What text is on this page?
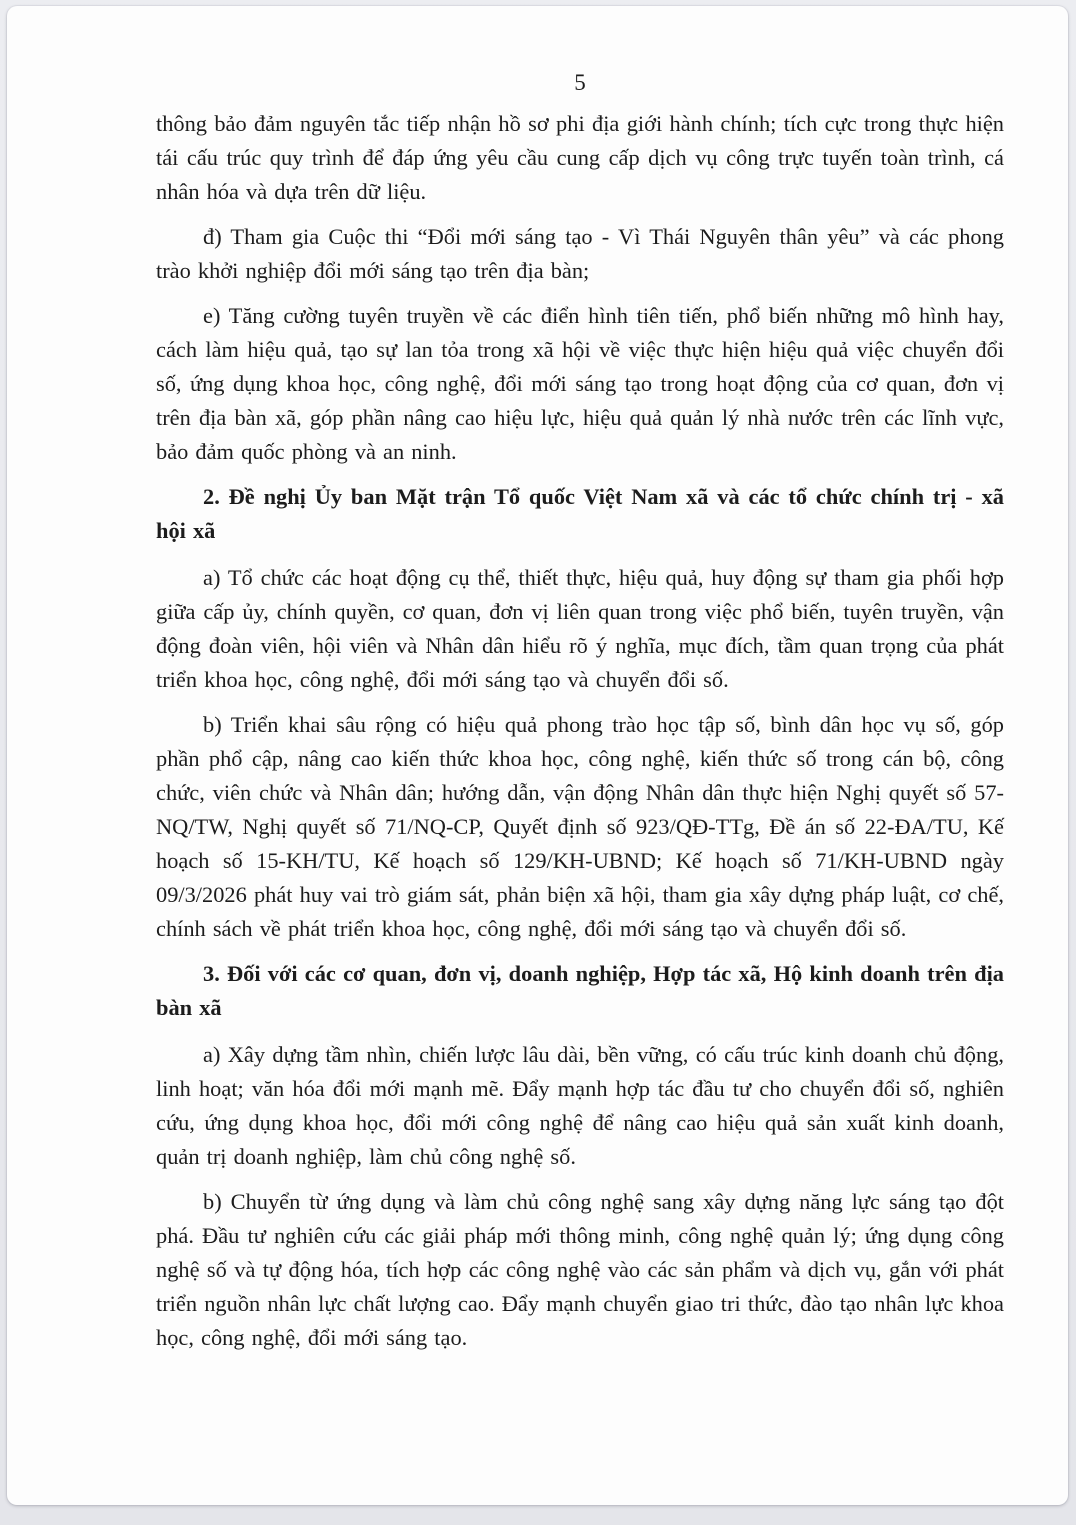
5

thông bảo đảm nguyên tắc tiếp nhận hồ sơ phi địa giới hành chính; tích cực trong thực hiện tái cấu trúc quy trình để đáp ứng yêu cầu cung cấp dịch vụ công trực tuyến toàn trình, cá nhân hóa và dựa trên dữ liệu.

đ) Tham gia Cuộc thi “Đổi mới sáng tạo - Vì Thái Nguyên thân yêu” và các phong trào khởi nghiệp đổi mới sáng tạo trên địa bàn;

e) Tăng cường tuyên truyền về các điển hình tiên tiến, phổ biến những mô hình hay, cách làm hiệu quả, tạo sự lan tỏa trong xã hội về việc thực hiện hiệu quả việc chuyển đổi số, ứng dụng khoa học, công nghệ, đổi mới sáng tạo trong hoạt động của cơ quan, đơn vị trên địa bàn xã, góp phần nâng cao hiệu lực, hiệu quả quản lý nhà nước trên các lĩnh vực, bảo đảm quốc phòng và an ninh.

2. Đề nghị Ủy ban Mặt trận Tổ quốc Việt Nam xã và các tổ chức chính trị - xã hội xã

a) Tổ chức các hoạt động cụ thể, thiết thực, hiệu quả, huy động sự tham gia phối hợp giữa cấp ủy, chính quyền, cơ quan, đơn vị liên quan trong việc phổ biến, tuyên truyền, vận động đoàn viên, hội viên và Nhân dân hiểu rõ ý nghĩa, mục đích, tầm quan trọng của phát triển khoa học, công nghệ, đổi mới sáng tạo và chuyển đổi số.

b) Triển khai sâu rộng có hiệu quả phong trào học tập số, bình dân học vụ số, góp phần phổ cập, nâng cao kiến thức khoa học, công nghệ, kiến thức số trong cán bộ, công chức, viên chức và Nhân dân; hướng dẫn, vận động Nhân dân thực hiện Nghị quyết số 57-NQ/TW, Nghị quyết số 71/NQ-CP, Quyết định số 923/QĐ-TTg, Đề án số 22-ĐA/TU, Kế hoạch số 15-KH/TU, Kế hoạch số 129/KH-UBND; Kế hoạch số 71/KH-UBND ngày 09/3/2026 phát huy vai trò giám sát, phản biện xã hội, tham gia xây dựng pháp luật, cơ chế, chính sách về phát triển khoa học, công nghệ, đổi mới sáng tạo và chuyển đổi số.

3. Đối với các cơ quan, đơn vị, doanh nghiệp, Hợp tác xã, Hộ kinh doanh trên địa bàn xã

a) Xây dựng tầm nhìn, chiến lược lâu dài, bền vững, có cấu trúc kinh doanh chủ động, linh hoạt; văn hóa đổi mới mạnh mẽ. Đẩy mạnh hợp tác đầu tư cho chuyển đổi số, nghiên cứu, ứng dụng khoa học, đổi mới công nghệ để nâng cao hiệu quả sản xuất kinh doanh, quản trị doanh nghiệp, làm chủ công nghệ số.

b) Chuyển từ ứng dụng và làm chủ công nghệ sang xây dựng năng lực sáng tạo đột phá. Đầu tư nghiên cứu các giải pháp mới thông minh, công nghệ quản lý; ứng dụng công nghệ số và tự động hóa, tích hợp các công nghệ vào các sản phẩm và dịch vụ, gắn với phát triển nguồn nhân lực chất lượng cao. Đẩy mạnh chuyển giao tri thức, đào tạo nhân lực khoa học, công nghệ, đổi mới sáng tạo.
